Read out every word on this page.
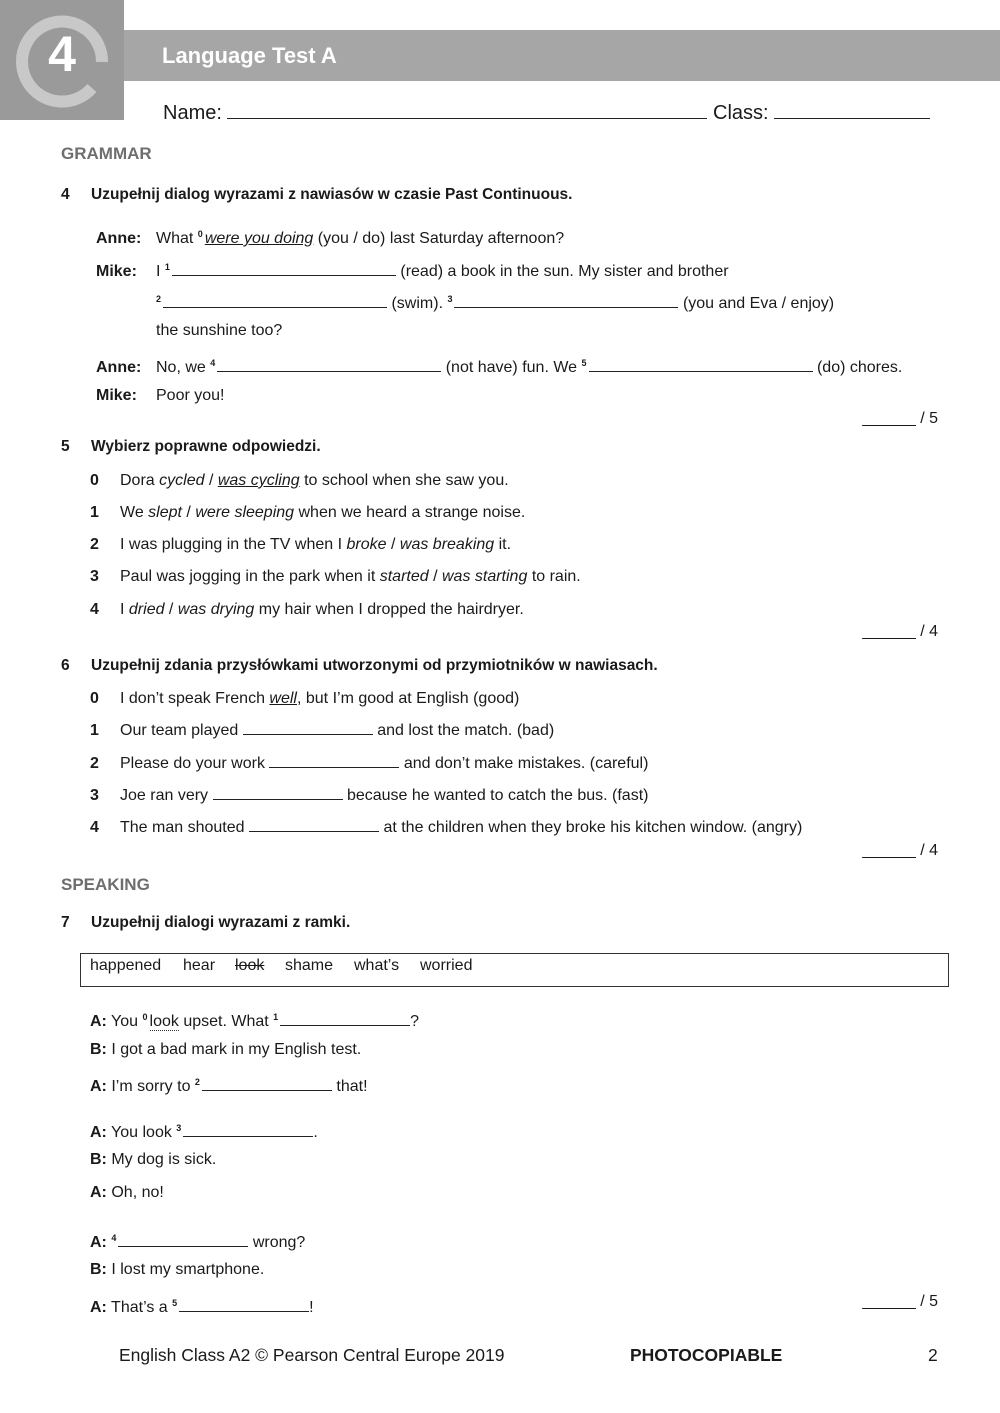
4	Language Test A
Name:	Class:
GRAMMAR
4 Uzupełnij dialog wyrazami z nawiasów w czasie Past Continuous.
Anne: What $^0$ were you doing (you / do) last Saturday afternoon?
Mike: I $^1$	(read) a book in the sun. My sister and brother
$^2$	(swim). $^3$	(you and Eva / enjoy)
the sunshine too?
Anne: No, we $^4$	(not have) fun. We $^5$	(do) chores.
Mike: Poor you!
______ / 5
5 Wybierz poprawne odpowiedzi.
0 Dora cycled / was cycling to school when she saw you.
1 We slept / were sleeping when we heard a strange noise.
2 I was plugging in the TV when I broke / was breaking it.
3 Paul was jogging in the park when it started / was starting to rain.
4 I dried / was drying my hair when I dropped the hairdryer.
______ / 4
6 Uzupełnij zdania przysłówkami utworzonymi od przymiotników w nawiasach.
0 I don’t speak French well, but I’m good at English (good)
1 Our team played	and lost the match. (bad)
2 Please do your work	and don’t make mistakes. (careful)
3 Joe ran very	because he wanted to catch the bus. (fast)
4 The man shouted	at the children when they broke his kitchen window. (angry)
______ / 4
SPEAKING
7 Uzupełnij dialogi wyrazami z ramki.
happened hear look shame what’s worried
A: You $^0$ look upset. What $^1$	?
B: I got a bad mark in my English test.
A: I’m sorry to $^2$	that!
A: You look $^3$	.
B: My dog is sick.
A: Oh, no!
A: $^4$	wrong?
B: I lost my smartphone.
A: That’s a $^5$	!	______ / 5
English Class A2 © Pearson Central Europe 2019	PHOTOCOPIABLE	2
